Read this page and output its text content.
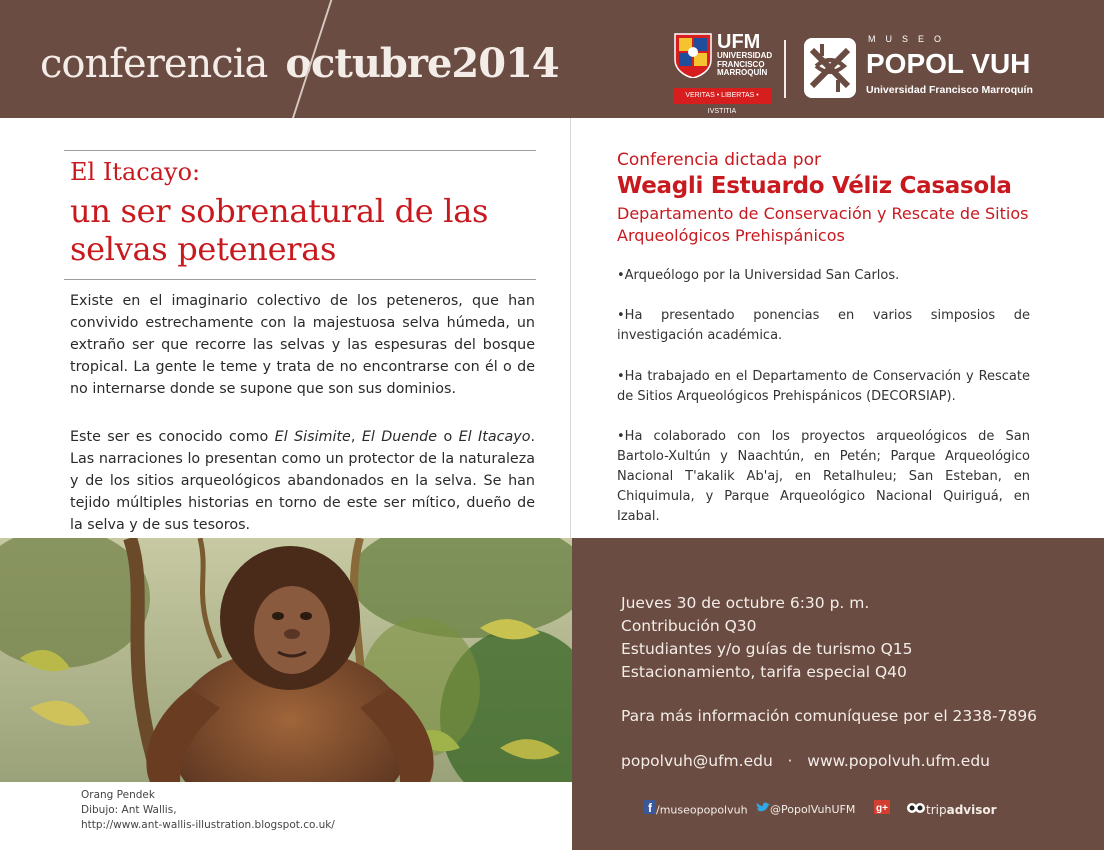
conferencia octubre2014	UFM
UNIVERSIDAD
FRANCISCO
MARROQUÍN
VERITAS • LIBERTAS • IVSTITIA
MUSEO
POPOL VUH
Universidad Francisco Marroquín
El Itacayo:
un ser sobrenatural de las selvas peteneras
Existe en el imaginario colectivo de los peteneros, que han convivido estrechamente con la majestuosa selva húmeda, un extraño ser que recorre las selvas y las espesuras del bosque tropical. La gente le teme y trata de no encontrarse con él o de no internarse donde se supone que son sus dominios.
Este ser es conocido como El Sisimite, El Duende o El Itacayo. Las narraciones lo presentan como un protector de la naturaleza y de los sitios arqueológicos abandonados en la selva. Se han tejido múltiples historias en torno de este ser mítico, dueño de la selva y de sus tesoros.
Conferencia dictada por
Weagli Estuardo Véliz Casasola
Departamento de Conservación y Rescate de Sitios Arqueológicos Prehispánicos
•Arqueólogo por la Universidad San Carlos.
•Ha presentado ponencias en varios simposios de investigación académica.
•Ha trabajado en el Departamento de Conservación y Rescate de Sitios Arqueológicos Prehispánicos (DECORSIAP).
•Ha colaborado con los proyectos arqueológicos de San Bartolo-Xultún y Naachtún, en Petén; Parque Arqueológico Nacional T'akalik Ab'aj, en Retalhuleu; San Esteban, en Chiquimula, y Parque Arqueológico Nacional Quiriguá, en Izabal.
Orang Pendek
Dibujo: Ant Wallis,
http://www.ant-wallis-illustration.blogspot.co.uk/
Jueves 30 de octubre 6:30 p. m.
Contribución Q30
Estudiantes y/o guías de turismo Q15
Estacionamiento, tarifa especial Q40
Para más información comuníquese por el 2338-7896
popolvuh@ufm.edu   ·   www.popolvuh.ufm.edu
f /museopopolvuh	@PopolVuhUFM g+	tripadvisor
